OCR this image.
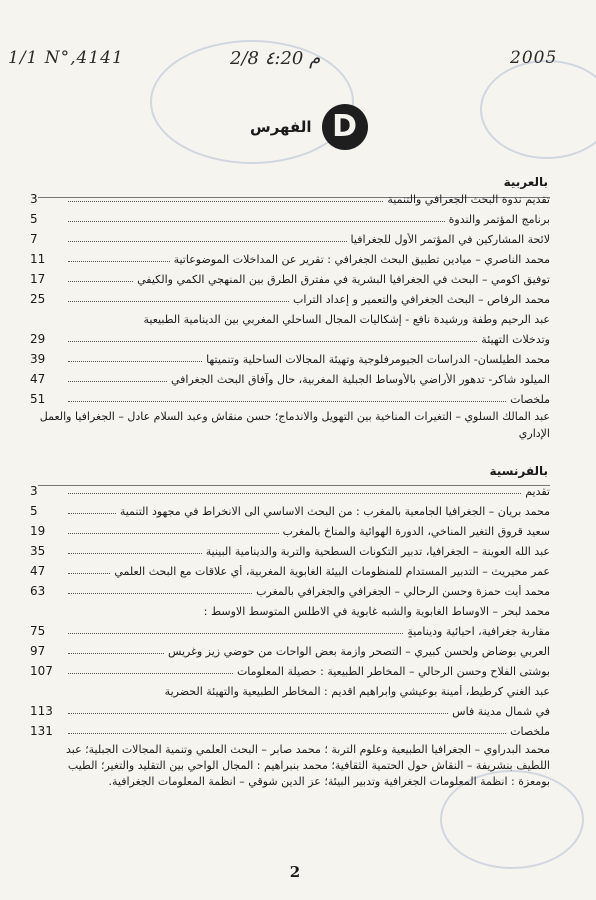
1/1 N°,4141	2/8 ٤:20 م	2005
الفهرس D
بالعربية
3	تقديم ندوة البحث الجغرافي والتنمية
5	برنامج المؤتمر والندوة
7	لائحة المشاركين في المؤتمر الأول للجغرافيا
11	محمد الناصري – ميادين تطبيق البحث الجغرافي : تقرير عن المداخلات الموضوعاتية
17	توفيق اكومي – البحث في الجغرافيا البشرية في مفترق الطرق بين المنهجي الكمي والكيفي
25	محمد الرفاص – البحث الجغرافي والتعمير و إعداد التراب
عبد الرحيم وطفة ورشيدة نافع - إشكاليات المجال الساحلي المغربي بين الدينامية الطبيعية
29	وتدخلات التهيئة
39	محمد الطيلسان- الدراسات الجيومرفلوجية وتهيئة المجالات الساحلية وتنميتها
47	الميلود شاكر- تدهور الأراضي بالأوساط الجبلية المغربية، حال وآفاق البحث الجغرافي
51	ملخصات
عبد المالك السلوي – التغيرات المناخية بين التهويل والاندماج؛ حسن منقاش وعبد السلام عادل – الجغرافيا والعمل الإداري
بالفرنسية
3	تقديم
5	محمد بريان – الجغرافيا الجامعية بالمغرب : من البحث الاساسي الى الانخراط في مجهود التنمية
19	سعيد قروق التغير المناخي، الدورة الهوائية والمناخ بالمغرب
35	عبد الله العوينة – الجغرافيا، تدبير التكونات السطحية والتربة والدينامية البينية
47	عمر محيريث – التدبير المستدام للمنظومات البيئة الغابوية المغربية، أي علاقات مع البحث العلمي
63	محمد أيت حمزة وحسن الرحالي – الجغرافي والجغرافي بالمغرب
محمد لبحر – الاوساط الغابوية والشبه غابوية في الاطلس المتوسط الاوسط :
75	مقاربة جغرافية، احيائية وديناميةٍ
97	العربي بوضاض ولحسن كبيري – التصحر وازمة بعض الواحات من حوضي زيز وغريس
107	بوشتى الفلاح وحسن الرحالي – المخاطر الطبيعية : حصيلة المعلومات
عبد الغني كرطيط، أمينة بوعيشي وابراهيم اقديم : المخاطر الطبيعية والتهيئة الحضرية
113	في شمال مدينة فاس
131	ملخصات
محمد البدراوي – الجغرافيا الطبيعية وعلوم التربة ؛ محمد صابر – البحث العلمي وتنمية المجالات الجبلية؛ عبد اللطيف بنشريفة – النقاش حول الحتمية الثقافية؛ محمد بنبراهيم : المجال الواحي بين التقليد والتغير؛ الطيب بومعزة : انظمة المعلومات الجغرافية وتدبير البيئة؛ عز الدين شوقي – انظمة المعلومات الجغرافية.
2
